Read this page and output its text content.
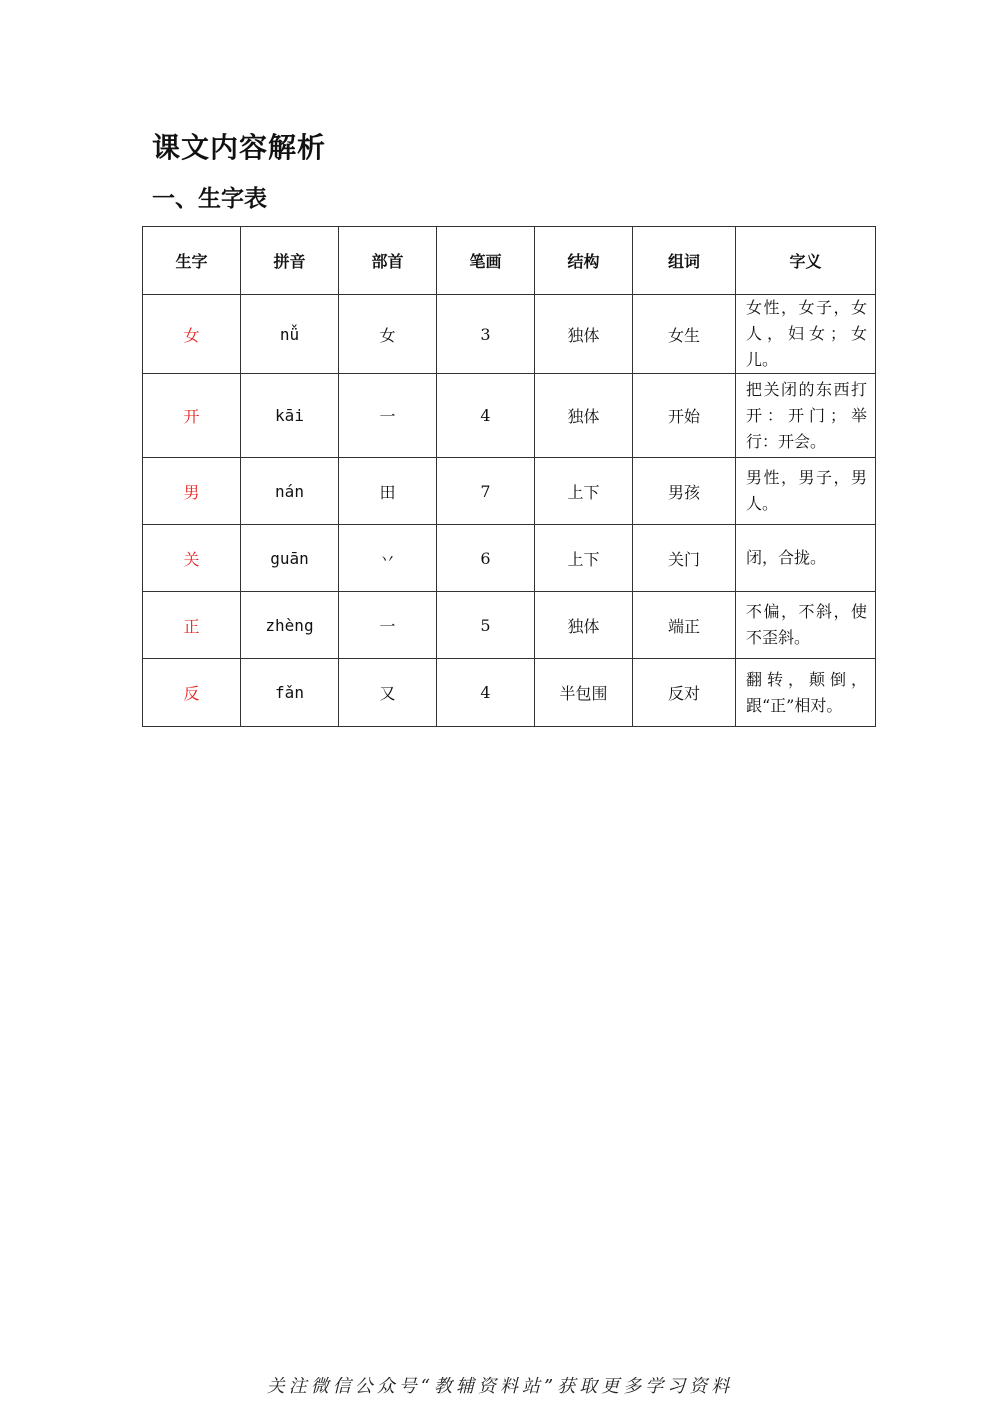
课文内容解析
一、生字表
生字	拼音	部首	笔画	结构	组词	字义
女	nǚ	女	3	独体	女生	女性，女子，女人，妇女；女儿。
开	kāi	一	4	独体	开始	把关闭的东西打开：开门；举行：开会。
男	nán	田	7	上下	男孩	男性，男子，男人。
关	guān	丷	6	上下	关门	闭，合拢。
正	zhèng	一	5	独体	端正	不偏，不斜，使不歪斜。
反	fǎn	又	4	半包围	反对	翻转，颠倒，跟“正”相对。
关注微信公众号“教辅资料站”获取更多学习资料
